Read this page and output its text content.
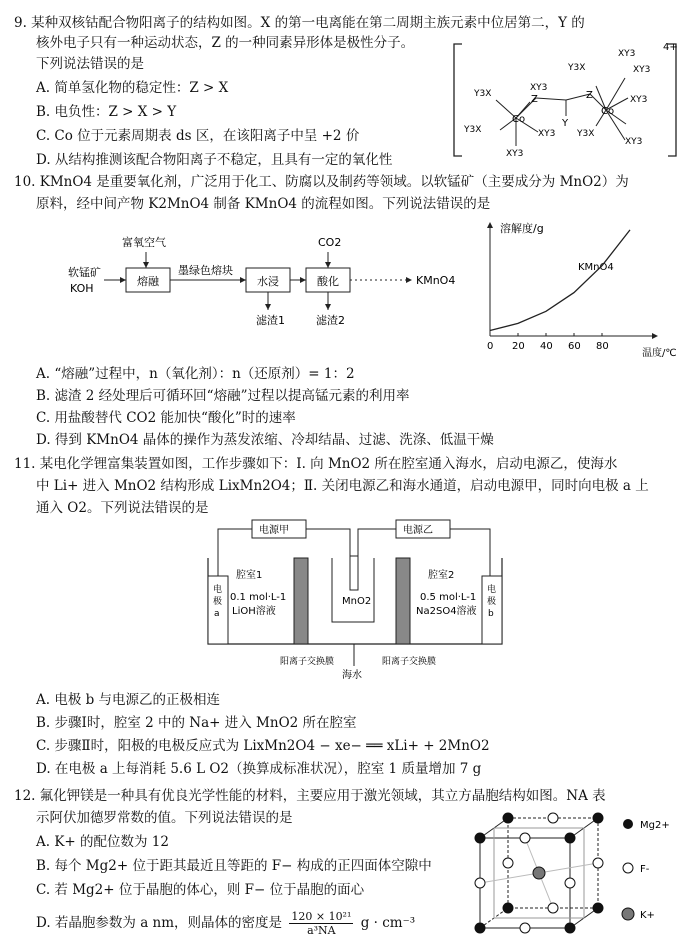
9. 某种双核钴配合物阳离子的结构如图。X 的第一电离能在第二周期主族元素中位居第二，Y 的
核外电子只有一种运动状态，Z 的一种同素异形体是极性分子。
下列说法错误的是
A. 简单氢化物的稳定性：Z > X
B. 电负性：Z > X > Y
C. Co 位于元素周期表 ds 区，在该阳离子中呈 +2 价
D. 从结构推测该配合物阳离子不稳定，且具有一定的氧化性
4+
Co
Co
Z	Z
Y
XY3
Y3X
Y3X	XY3
XY3
Y3X
XY3
XY3
XY3
XY3
Y3X
10. KMnO4 是重要氧化剂，广泛用于化工、防腐以及制药等领域。以软锰矿（主要成分为 MnO2）为
原料，经中间产物 K2MnO4 制备 KMnO4 的流程如图。下列说法错误的是
软锰矿
KOH
富氧空气
熔融
墨绿色熔块
水浸
CO2
酸化	KMnO4
滤渣1	滤渣2
溶解度/g
温度/℃
KMnO4
0 20 40 60 80
A. “熔融”过程中，n（氧化剂）：n（还原剂）= 1：2
B. 滤渣 2 经处理后可循环回“熔融”过程以提高锰元素的利用率
C. 用盐酸替代 CO2 能加快“酸化”时的速率
D. 得到 KMnO4 晶体的操作为蒸发浓缩、冷却结晶、过滤、洗涤、低温干燥
11. 某电化学锂富集装置如图，工作步骤如下：Ⅰ. 向 MnO2 所在腔室通入海水，启动电源乙，使海水
中 Li+ 进入 MnO2 结构形成 LixMn2O4；Ⅱ. 关闭电源乙和海水通道，启动电源甲，同时向电极 a 上
通入 O2。下列说法错误的是
电源甲	电源乙
电极 a
电极 b
腔室1
0.1 mol·L-1
LiOH溶液
MnO2
腔室2
0.5 mol·L-1
Na2SO4溶液
海水
阳离子交换膜	阳离子交换膜
A. 电极 b 与电源乙的正极相连
B. 步骤Ⅰ时，腔室 2 中的 Na+ 进入 MnO2 所在腔室
C. 步骤Ⅱ时，阳极的电极反应式为 LixMn2O4 − xe− ══ xLi+ + 2MnO2
D. 在电极 a 上每消耗 5.6 L O2（换算成标准状况），腔室 1 质量增加 7 g
12. 氟化钾镁是一种具有优良光学性能的材料，主要应用于激光领域，其立方晶胞结构如图。NA 表
示阿伏加德罗常数的值。下列说法错误的是
A. K+ 的配位数为 12
B. 每个 Mg2+ 位于距其最近且等距的 F− 构成的正四面体空隙中
C. 若 Mg2+ 位于晶胞的体心，则 F− 位于晶胞的面心
D. 若晶胞参数为 a nm，则晶体的密度是 $\frac{\text{120 × 10²¹}}{\text{a³NA}}$ g · cm⁻³
Mg2+
F-
K+
